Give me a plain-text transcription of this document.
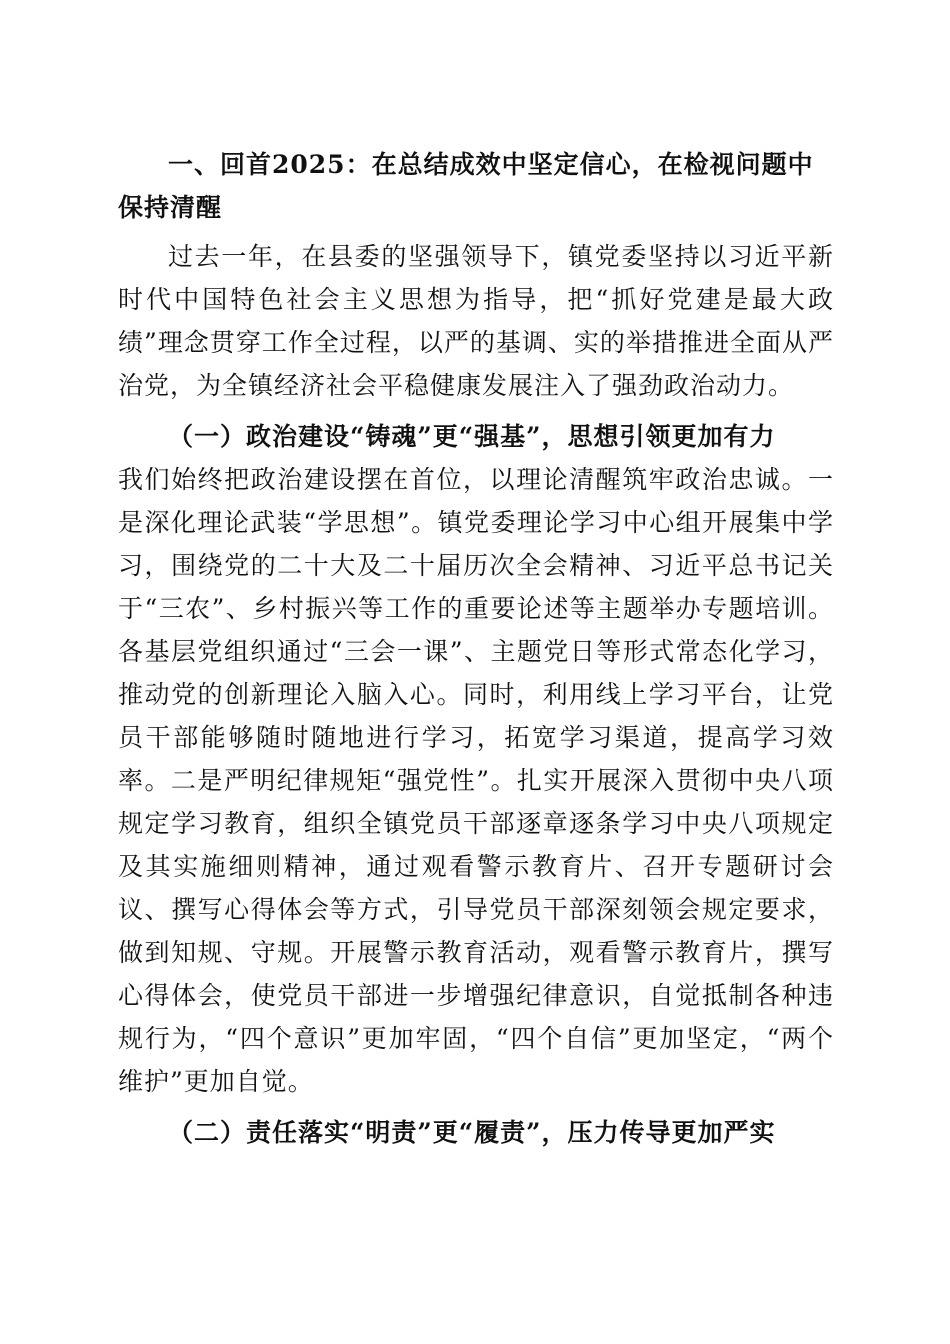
一、回首2025：在总结成效中坚定信心，在检视问题中保持清醒

过去一年，在县委的坚强领导下，镇党委坚持以习近平新时代中国特色社会主义思想为指导，把“抓好党建是最大政绩”理念贯穿工作全过程，以严的基调、实的举措推进全面从严治党，为全镇经济社会平稳健康发展注入了强劲政治动力。

（一）政治建设“铸魂”更“强基”，思想引领更加有力

我们始终把政治建设摆在首位，以理论清醒筑牢政治忠诚。一是深化理论武装“学思想”。镇党委理论学习中心组开展集中学习，围绕党的二十大及二十届历次全会精神、习近平总书记关于“三农”、乡村振兴等工作的重要论述等主题举办专题培训。各基层党组织通过“三会一课”、主题党日等形式常态化学习，推动党的创新理论入脑入心。同时，利用线上学习平台，让党员干部能够随时随地进行学习，拓宽学习渠道，提高学习效率。二是严明纪律规矩“强党性”。扎实开展深入贯彻中央八项规定学习教育，组织全镇党员干部逐章逐条学习中央八项规定及其实施细则精神，通过观看警示教育片、召开专题研讨会议、撰写心得体会等方式，引导党员干部深刻领会规定要求，做到知规、守规。开展警示教育活动，观看警示教育片，撰写心得体会，使党员干部进一步增强纪律意识，自觉抵制各种违规行为，“四个意识”更加牢固，“四个自信”更加坚定，“两个维护”更加自觉。

（二）责任落实“明责”更“履责”，压力传导更加严实
